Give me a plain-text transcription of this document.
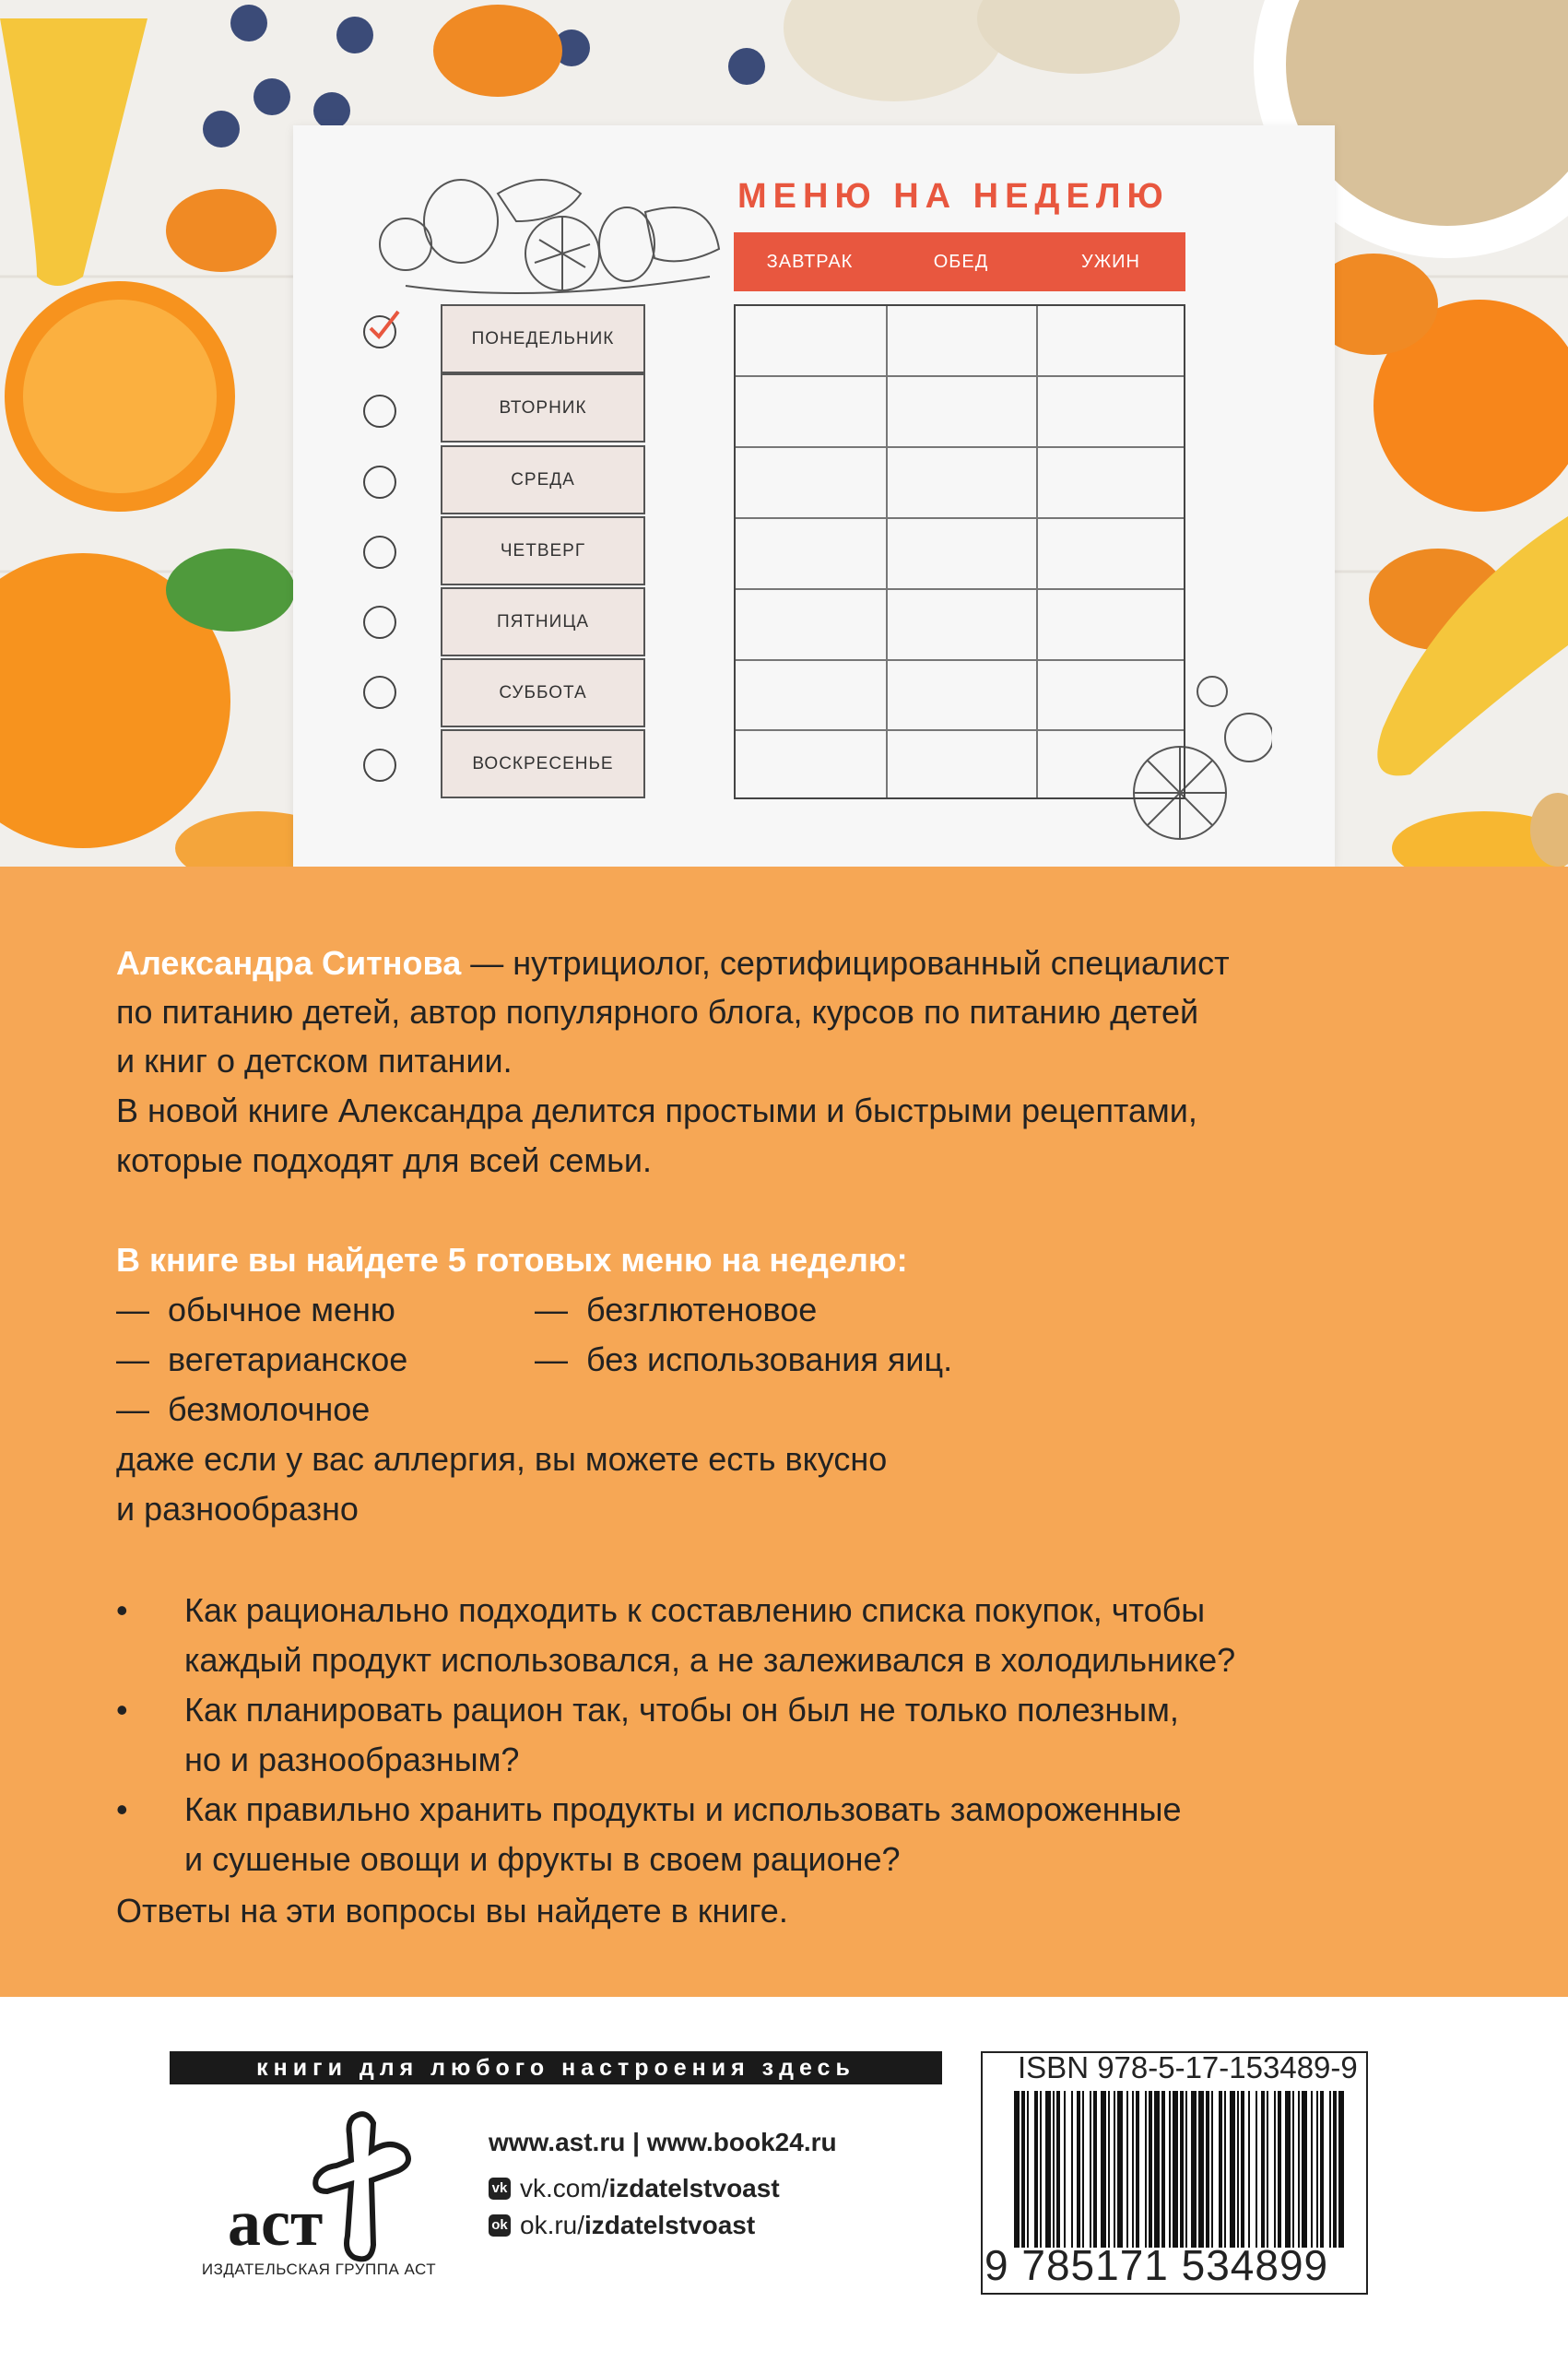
МЕНЮ НА НЕДЕЛЮ
ЗАВТРАК	ОБЕД	УЖИН
ПОНЕДЕЛЬНИК
ВТОРНИК
СРЕДА
ЧЕТВЕРГ
ПЯТНИЦА
СУББОТА
ВОСКРЕСЕНЬЕ
Александра Ситнова — нутрициолог, сертифицированный специалист
по питанию детей, автор популярного блога, курсов по питанию детей
и книг о детском питании.
В новой книге Александра делится простыми и быстрыми рецептами,
которые подходят для всей семьи.
В книге вы найдете 5 готовых меню на неделю:
— обычное меню
— вегетарианское
— безмолочное
— безглютеновое
— без использования яиц.
даже если у вас аллергия, вы можете есть вкусно
и разнообразно
• Как рационально подходить к составлению списка покупок, чтобы
каждый продукт использовался, а не залеживался в холодильнике?
• Как планировать рацион так, чтобы он был не только полезным,
но и разнообразным?
• Как правильно хранить продукты и использовать замороженные
и сушеные овощи и фрукты в своем рационе?
Ответы на эти вопросы вы найдете в книге.
книги для любого настроения здесь
аст
ИЗДАТЕЛЬСКАЯ ГРУППА АСТ
www.ast.ru | www.book24.ru
vk vk.com/izdatelstvoast
ok ok.ru/izdatelstvoast
ISBN 978-5-17-153489-9
9 785171 534899
